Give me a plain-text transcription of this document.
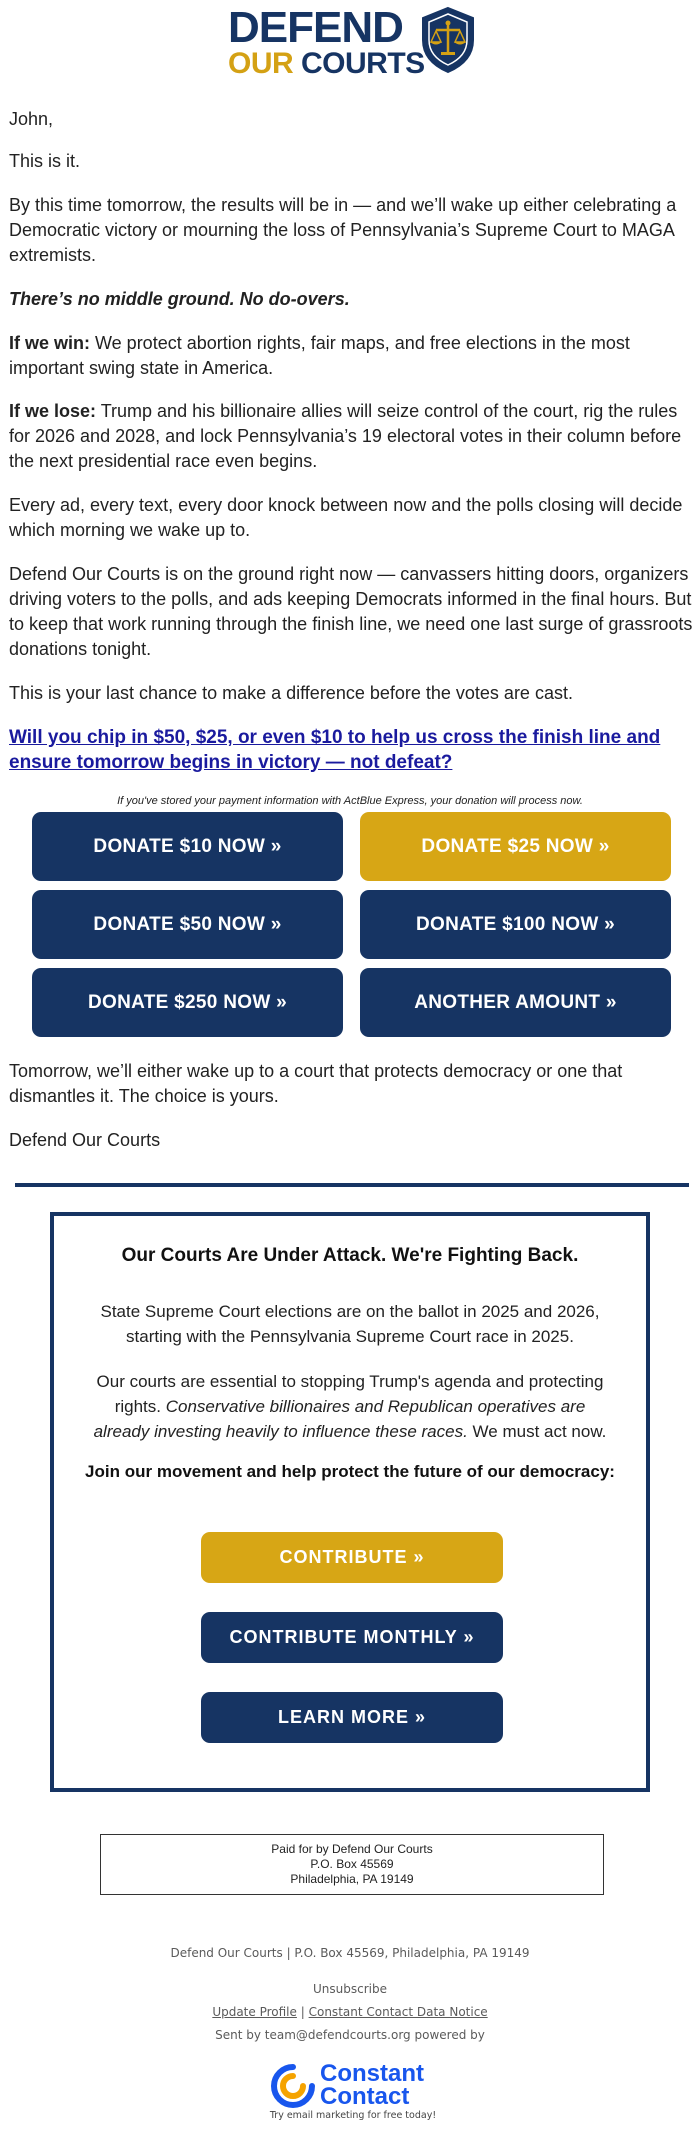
DEFEND
OUR COURTS

John,

This is it.

By this time tomorrow, the results will be in — and we’ll wake up either celebrating a Democratic victory or mourning the loss of Pennsylvania’s Supreme Court to MAGA extremists.

There’s no middle ground. No do-overs.

If we win: We protect abortion rights, fair maps, and free elections in the most important swing state in America.

If we lose: Trump and his billionaire allies will seize control of the court, rig the rules for 2026 and 2028, and lock Pennsylvania’s 19 electoral votes in their column before the next presidential race even begins.

Every ad, every text, every door knock between now and the polls closing will decide which morning we wake up to.

Defend Our Courts is on the ground right now — canvassers hitting doors, organizers driving voters to the polls, and ads keeping Democrats informed in the final hours. But to keep that work running through the finish line, we need one last surge of grassroots donations tonight.

This is your last chance to make a difference before the votes are cast.

Will you chip in $50, $25, or even $10 to help us cross the finish line and ensure tomorrow begins in victory — not defeat?
If you've stored your payment information with ActBlue Express, your donation will process now.
DONATE $10 NOW »	DONATE $25 NOW »
DONATE $50 NOW »	DONATE $100 NOW »
DONATE $250 NOW »	ANOTHER AMOUNT »

Tomorrow, we’ll either wake up to a court that protects democracy or one that dismantles it. The choice is yours.

Defend Our Courts

Our Courts Are Under Attack. We're Fighting Back.

State Supreme Court elections are on the ballot in 2025 and 2026, starting with the Pennsylvania Supreme Court race in 2025.

Our courts are essential to stopping Trump's agenda and protecting rights. Conservative billionaires and Republican operatives are already investing heavily to influence these races. We must act now.

Join our movement and help protect the future of our democracy:
CONTRIBUTE »
CONTRIBUTE MONTHLY »
LEARN MORE »
Paid for by Defend Our Courts
P.O. Box 45569
Philadelphia, PA 19149
Defend Our Courts | P.O. Box 45569, Philadelphia, PA 19149
Unsubscribe
Update Profile | Constant Contact Data Notice
Sent by team@defendcourts.org powered by
Constant
Contact
Try email marketing for free today!
